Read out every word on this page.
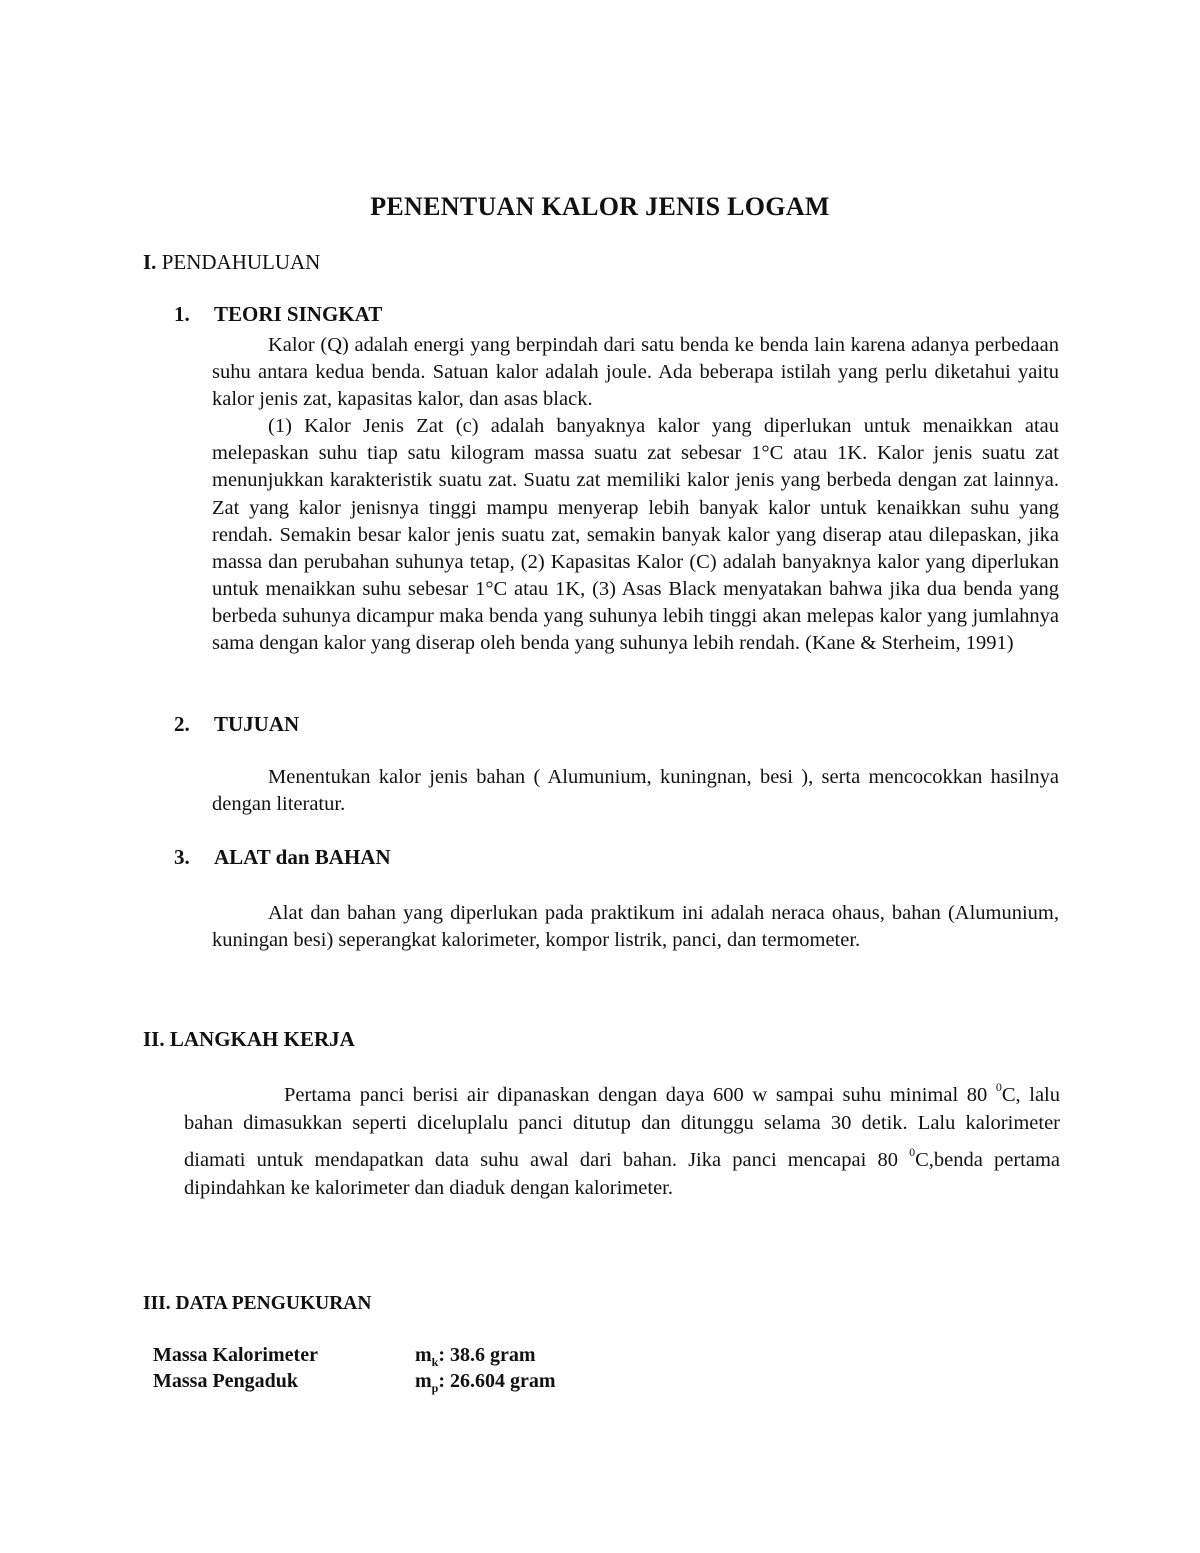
PENENTUAN KALOR JENIS LOGAM
I. PENDAHULUAN
1. TEORI SINGKAT

Kalor (Q) adalah energi yang berpindah dari satu benda ke benda lain karena adanya perbedaan suhu antara kedua benda. Satuan kalor adalah joule. Ada beberapa istilah yang perlu diketahui yaitu kalor jenis zat, kapasitas kalor, dan asas black.

(1) Kalor Jenis Zat (c) adalah banyaknya kalor yang diperlukan untuk menaikkan atau melepaskan suhu tiap satu kilogram massa suatu zat sebesar 1°C atau 1K. Kalor jenis suatu zat menunjukkan karakteristik suatu zat. Suatu zat memiliki kalor jenis yang berbeda dengan zat lainnya. Zat yang kalor jenisnya tinggi mampu menyerap lebih banyak kalor untuk kenaikkan suhu yang rendah. Semakin besar kalor jenis suatu zat, semakin banyak kalor yang diserap atau dilepaskan, jika massa dan perubahan suhunya tetap, (2) Kapasitas Kalor (C) adalah banyaknya kalor yang diperlukan untuk menaikkan suhu sebesar 1°C atau 1K, (3) Asas Black menyatakan bahwa jika dua benda yang berbeda suhunya dicampur maka benda yang suhunya lebih tinggi akan melepas kalor yang jumlahnya sama dengan kalor yang diserap oleh benda yang suhunya lebih rendah. (Kane & Sterheim, 1991)

2. TUJUAN

Menentukan kalor jenis bahan ( Alumunium, kuningnan, besi ), serta mencocokkan hasilnya dengan literatur.

3. ALAT dan BAHAN

Alat dan bahan yang diperlukan pada praktikum ini adalah neraca ohaus, bahan (Alumunium, kuningan besi) seperangkat kalorimeter, kompor listrik, panci, dan termometer.

II. LANGKAH KERJA
Pertama panci berisi air dipanaskan dengan daya 600 w sampai suhu minimal 80 $^0$C, lalu bahan dimasukkan seperti diceluplalu panci ditutup dan ditunggu selama 30 detik. Lalu kalorimeter diamati untuk mendapatkan data suhu awal dari bahan. Jika panci mencapai 80 $^0$C,benda pertama dipindahkan ke kalorimeter dan diaduk dengan kalorimeter.
III. DATA PENGUKURAN
Massa Kalorimeter	$m_k$: 38.6 gram
Massa Pengaduk	$m_p$: 26.604 gram
